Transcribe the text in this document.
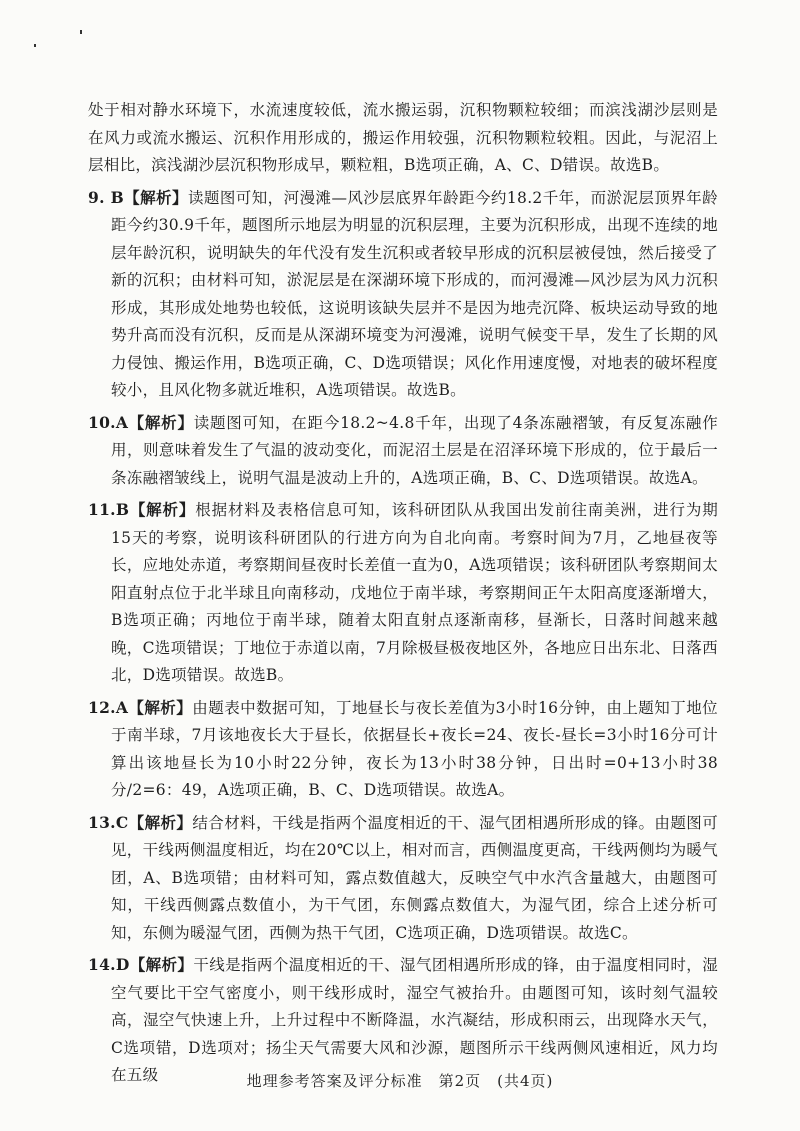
处于相对静水环境下，水流速度较低，流水搬运弱，沉积物颗粒较细；而滨浅湖沙层则是在风力或流水搬运、沉积作用形成的，搬运作用较强，沉积物颗粒较粗。因此，与泥沼上层相比，滨浅湖沙层沉积物形成早，颗粒粗，B选项正确，A、C、D错误。故选B。

9. B【解析】读题图可知，河漫滩—风沙层底界年龄距今约18.2千年，而淤泥层顶界年龄距今约30.9千年，题图所示地层为明显的沉积层理，主要为沉积形成，出现不连续的地层年龄沉积，说明缺失的年代没有发生沉积或者较早形成的沉积层被侵蚀，然后接受了新的沉积；由材料可知，淤泥层是在深湖环境下形成的，而河漫滩—风沙层为风力沉积形成，其形成处地势也较低，这说明该缺失层并不是因为地壳沉降、板块运动导致的地势升高而没有沉积，反而是从深湖环境变为河漫滩，说明气候变干旱，发生了长期的风力侵蚀、搬运作用，B选项正确，C、D选项错误；风化作用速度慢，对地表的破坏程度较小，且风化物多就近堆积，A选项错误。故选B。

10.A【解析】读题图可知，在距今18.2~4.8千年，出现了4条冻融褶皱，有反复冻融作用，则意味着发生了气温的波动变化，而泥沼土层是在沼泽环境下形成的，位于最后一条冻融褶皱线上，说明气温是波动上升的，A选项正确，B、C、D选项错误。故选A。

11.B【解析】根据材料及表格信息可知，该科研团队从我国出发前往南美洲，进行为期15天的考察，说明该科研团队的行进方向为自北向南。考察时间为7月，乙地昼夜等长，应地处赤道，考察期间昼夜时长差值一直为0，A选项错误；该科研团队考察期间太阳直射点位于北半球且向南移动，戊地位于南半球，考察期间正午太阳高度逐渐增大，B选项正确；丙地位于南半球，随着太阳直射点逐渐南移，昼渐长，日落时间越来越晚，C选项错误；丁地位于赤道以南，7月除极昼极夜地区外，各地应日出东北、日落西北，D选项错误。故选B。

12.A【解析】由题表中数据可知，丁地昼长与夜长差值为3小时16分钟，由上题知丁地位于南半球，7月该地夜长大于昼长，依据昼长+夜长=24、夜长-昼长=3小时16分可计算出该地昼长为10小时22分钟，夜长为13小时38分钟，日出时=0+13小时38分/2=6：49，A选项正确，B、C、D选项错误。故选A。

13.C【解析】结合材料，干线是指两个温度相近的干、湿气团相遇所形成的锋。由题图可见，干线两侧温度相近，均在20℃以上，相对而言，西侧温度更高，干线两侧均为暖气团，A、B选项错；由材料可知，露点数值越大，反映空气中水汽含量越大，由题图可知，干线西侧露点数值小，为干气团，东侧露点数值大，为湿气团，综合上述分析可知，东侧为暖湿气团，西侧为热干气团，C选项正确，D选项错误。故选C。

14.D【解析】干线是指两个温度相近的干、湿气团相遇所形成的锋，由于温度相同时，湿空气要比干空气密度小，则干线形成时，湿空气被抬升。由题图可知，该时刻气温较高，湿空气快速上升，上升过程中不断降温，水汽凝结，形成积雨云，出现降水天气，C选项错，D选项对；扬尘天气需要大风和沙源，题图所示干线两侧风速相近，风力均在五级	地理参考答案及评分标准　第2页　(共4页)
